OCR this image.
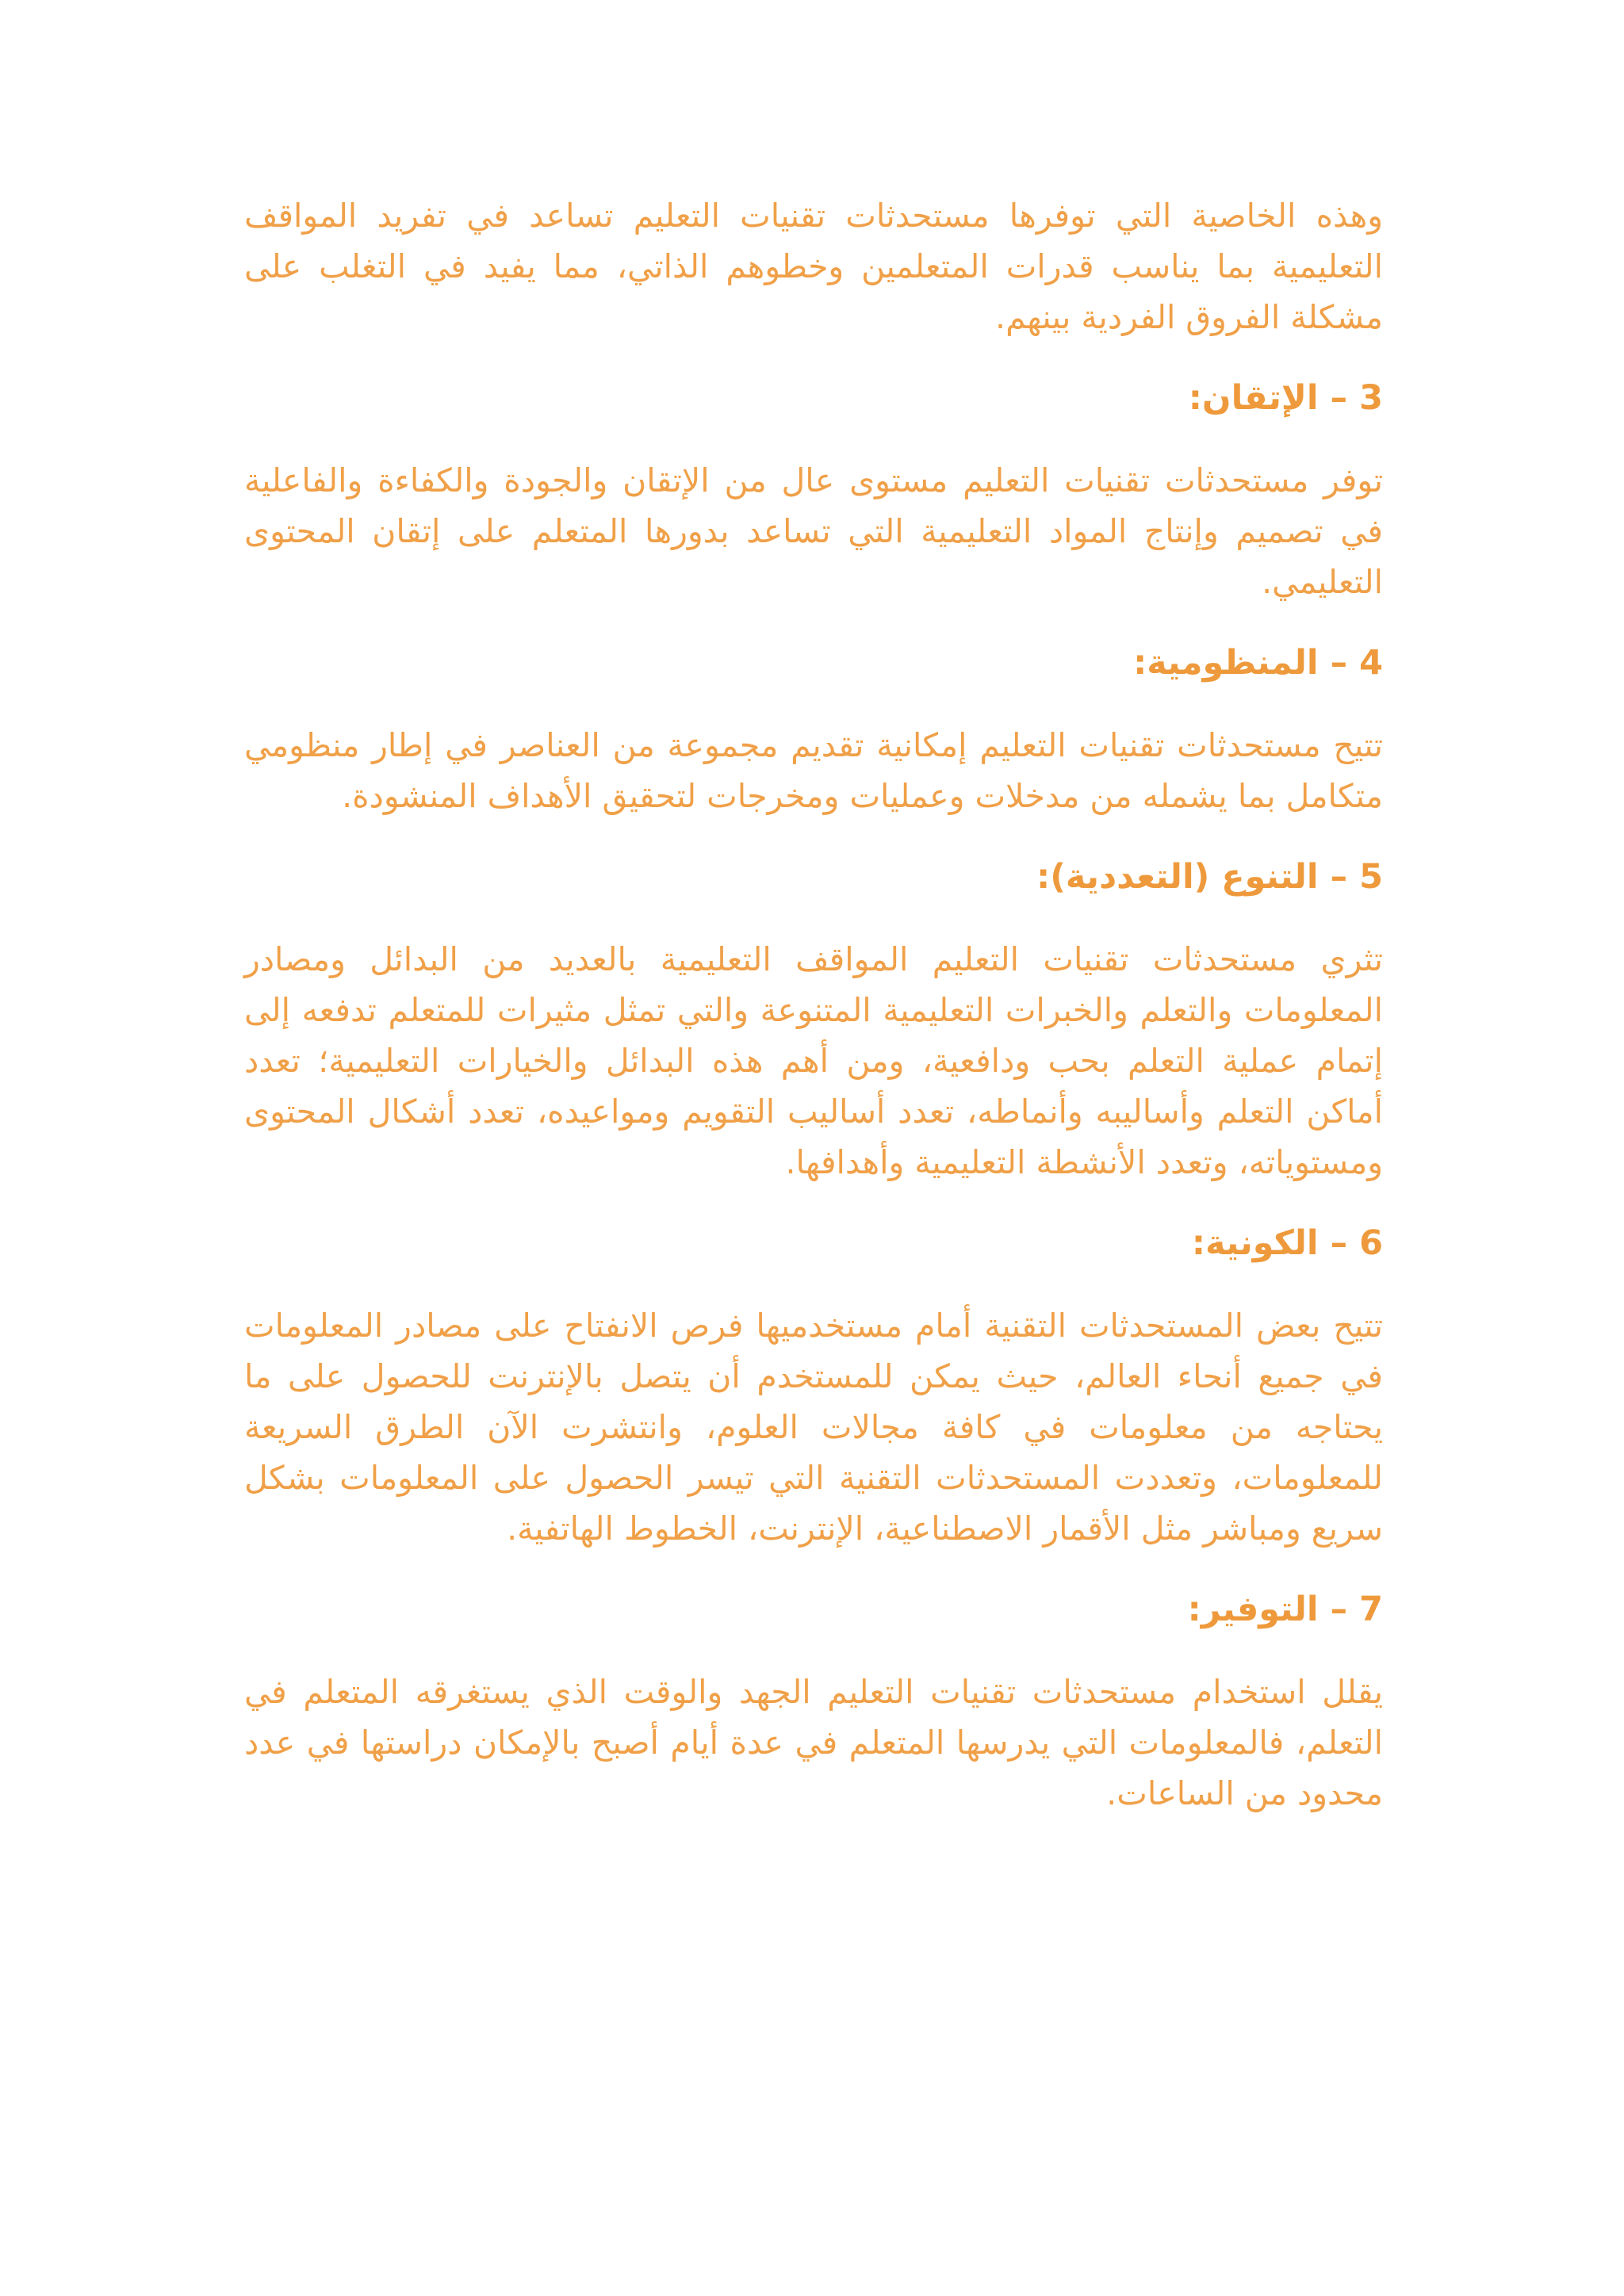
وهذه الخاصية التي توفرها مستحدثات تقنيات التعليم تساعد في تفريد المواقف التعليمية بما يناسب قدرات المتعلمين وخطوهم الذاتي، مما يفيد في التغلب على مشكلة الفروق الفردية بينهم.

3 – الإتقان:

توفر مستحدثات تقنيات التعليم مستوى عال من الإتقان والجودة والكفاءة والفاعلية في تصميم وإنتاج المواد التعليمية التي تساعد بدورها المتعلم على إتقان المحتوى التعليمي.

4 – المنظومية:

تتيح مستحدثات تقنيات التعليم إمكانية تقديم مجموعة من العناصر في إطار منظومي متكامل بما يشمله من مدخلات وعمليات ومخرجات لتحقيق الأهداف المنشودة.

5 – التنوع (التعددية):

تثري مستحدثات تقنيات التعليم المواقف التعليمية بالعديد من البدائل ومصادر المعلومات والتعلم والخبرات التعليمية المتنوعة والتي تمثل مثيرات للمتعلم تدفعه إلى إتمام عملية التعلم بحب ودافعية، ومن أهم هذه البدائل والخيارات التعليمية؛ تعدد أماكن التعلم وأساليبه وأنماطه، تعدد أساليب التقويم ومواعيده، تعدد أشكال المحتوى ومستوياته، وتعدد الأنشطة التعليمية وأهدافها.

6 – الكونية:

تتيح بعض المستحدثات التقنية أمام مستخدميها فرص الانفتاح على مصادر المعلومات في جميع أنحاء العالم، حيث يمكن للمستخدم أن يتصل بالإنترنت للحصول على ما يحتاجه من معلومات في كافة مجالات العلوم، وانتشرت الآن الطرق السريعة للمعلومات، وتعددت المستحدثات التقنية التي تيسر الحصول على المعلومات بشكل سريع ومباشر مثل الأقمار الاصطناعية، الإنترنت، الخطوط الهاتفية.

7 – التوفير:

يقلل استخدام مستحدثات تقنيات التعليم الجهد والوقت الذي يستغرقه المتعلم في التعلم، فالمعلومات التي يدرسها المتعلم في عدة أيام أصبح بالإمكان دراستها في عدد محدود من الساعات.
